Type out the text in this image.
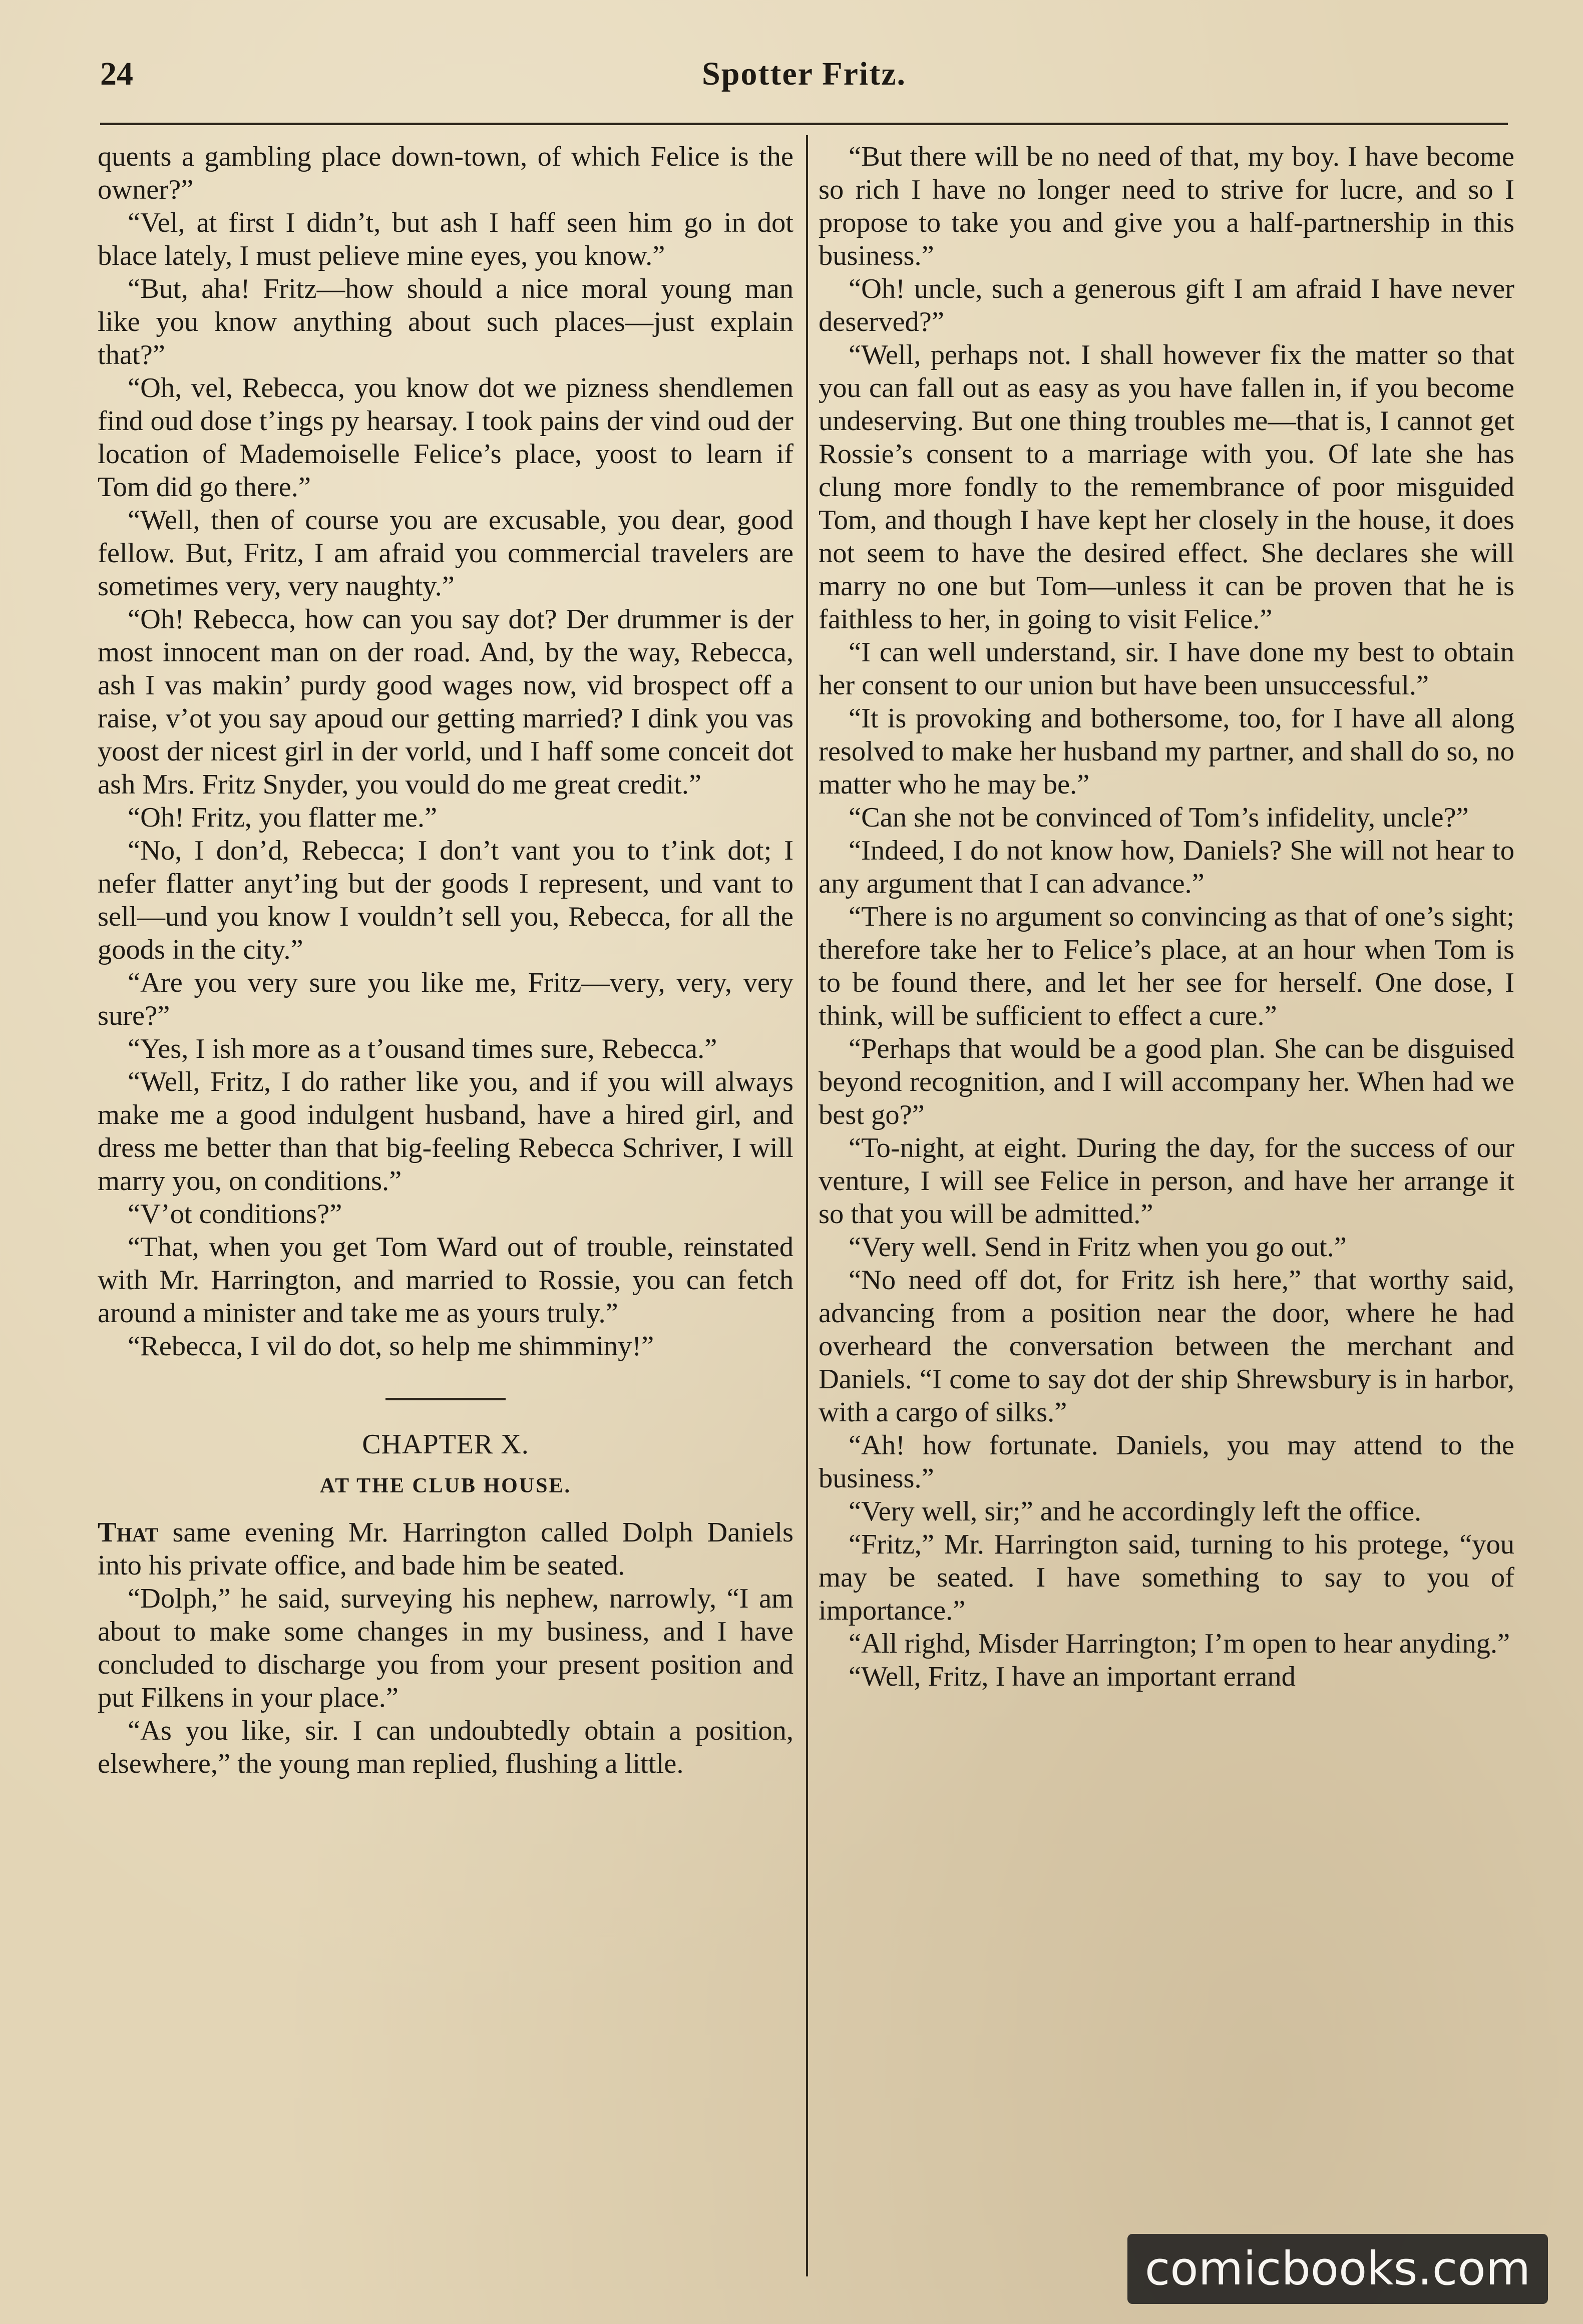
24	Spotter Fritz.

quents a gambling place down-town, of which Felice is the owner?”

“Vel, at first I didn’t, but ash I haff seen him go in dot blace lately, I must pelieve mine eyes, you know.”

“But, aha! Fritz—how should a nice moral young man like you know anything about such places—just explain that?”

“Oh, vel, Rebecca, you know dot we pizness shendlemen find oud dose t’ings py hearsay. I took pains der vind oud der location of Mademoiselle Felice’s place, yoost to learn if Tom did go there.”

“Well, then of course you are excusable, you dear, good fellow. But, Fritz, I am afraid you commercial travelers are sometimes very, very naughty.”

“Oh! Rebecca, how can you say dot? Der drummer is der most innocent man on der road. And, by the way, Rebecca, ash I vas makin’ purdy good wages now, vid brospect off a raise, v’ot you say apoud our getting married? I dink you vas yoost der nicest girl in der vorld, und I haff some conceit dot ash Mrs. Fritz Snyder, you vould do me great credit.”

“Oh! Fritz, you flatter me.”

“No, I don’d, Rebecca; I don’t vant you to t’ink dot; I nefer flatter anyt’ing but der goods I represent, und vant to sell—und you know I vouldn’t sell you, Rebecca, for all the goods in the city.”

“Are you very sure you like me, Fritz—very, very, very sure?”

“Yes, I ish more as a t’ousand times sure, Rebecca.”

“Well, Fritz, I do rather like you, and if you will always make me a good indulgent husband, have a hired girl, and dress me better than that big-feeling Rebecca Schriver, I will marry you, on conditions.”

“V’ot conditions?”

“That, when you get Tom Ward out of trouble, reinstated with Mr. Harrington, and married to Rossie, you can fetch around a minister and take me as yours truly.”

“Rebecca, I vil do dot, so help me shimminy!”

CHAPTER X.
AT THE CLUB HOUSE.

That same evening Mr. Harrington called Dolph Daniels into his private office, and bade him be seated.

“Dolph,” he said, surveying his nephew, narrowly, “I am about to make some changes in my business, and I have concluded to discharge you from your present position and put Filkens in your place.”

“As you like, sir. I can undoubtedly obtain a position, elsewhere,” the young man replied, flushing a little.

“But there will be no need of that, my boy. I have become so rich I have no longer need to strive for lucre, and so I propose to take you and give you a half-partnership in this business.”

“Oh! uncle, such a generous gift I am afraid I have never deserved?”

“Well, perhaps not. I shall however fix the matter so that you can fall out as easy as you have fallen in, if you become undeserving. But one thing troubles me—that is, I cannot get Rossie’s consent to a marriage with you. Of late she has clung more fondly to the remembrance of poor misguided Tom, and though I have kept her closely in the house, it does not seem to have the desired effect. She declares she will marry no one but Tom—unless it can be proven that he is faithless to her, in going to visit Felice.”

“I can well understand, sir. I have done my best to obtain her consent to our union but have been unsuccessful.”

“It is provoking and bothersome, too, for I have all along resolved to make her husband my partner, and shall do so, no matter who he may be.”

“Can she not be convinced of Tom’s infidelity, uncle?”

“Indeed, I do not know how, Daniels? She will not hear to any argument that I can advance.”

“There is no argument so convincing as that of one’s sight; therefore take her to Felice’s place, at an hour when Tom is to be found there, and let her see for herself. One dose, I think, will be sufficient to effect a cure.”

“Perhaps that would be a good plan. She can be disguised beyond recognition, and I will accompany her. When had we best go?”

“To-night, at eight. During the day, for the success of our venture, I will see Felice in person, and have her arrange it so that you will be admitted.”

“Very well. Send in Fritz when you go out.”

“No need off dot, for Fritz ish here,” that worthy said, advancing from a position near the door, where he had overheard the conversation between the merchant and Daniels. “I come to say dot der ship Shrewsbury is in harbor, with a cargo of silks.”

“Ah! how fortunate. Daniels, you may attend to the business.”

“Very well, sir;” and he accordingly left the office.

“Fritz,” Mr. Harrington said, turning to his protege, “you may be seated. I have something to say to you of importance.”

“All righd, Misder Harrington; I’m open to hear anyding.”

“Well, Fritz, I have an important errand

comicbooks.com
